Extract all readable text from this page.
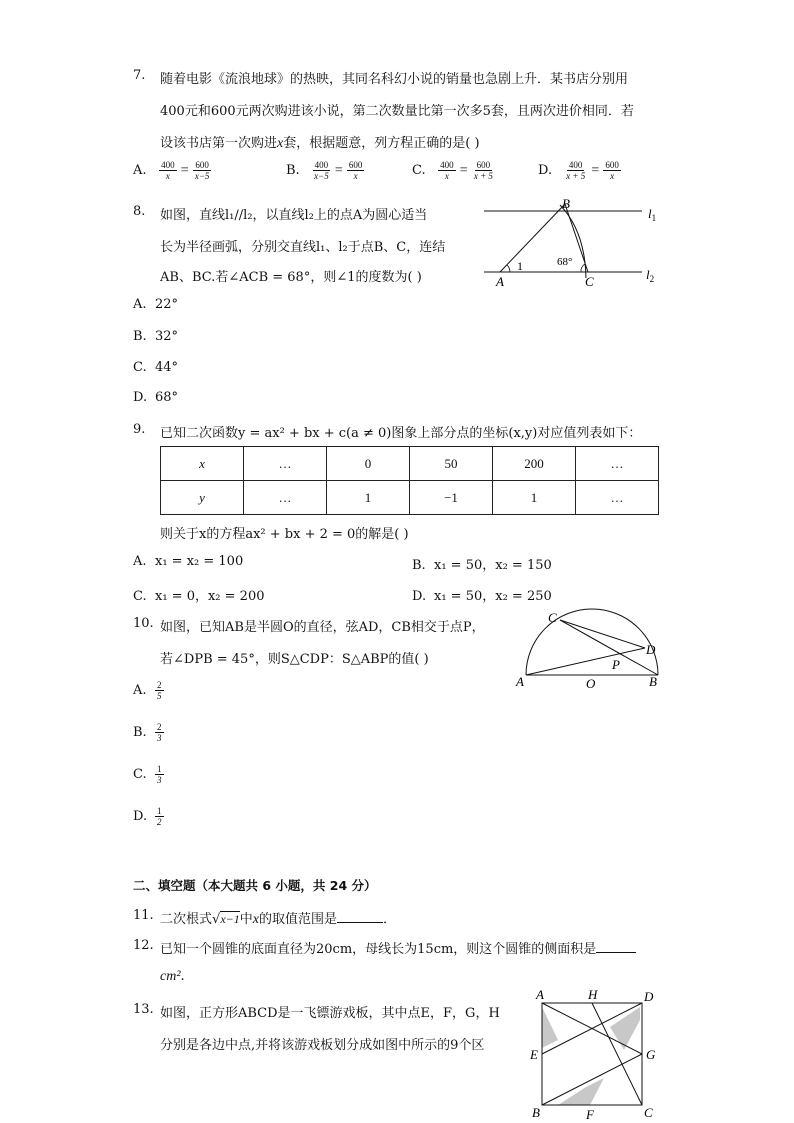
7. 随着电影《流浪地球》的热映，其同名科幻小说的销量也急剧上升．某书店分别用
400元和600元两次购进该小说，第二次数量比第一次多5套，且两次进价相同．若
设该书店第一次购进x套，根据题意，列方程正确的是( )
A. $\frac{400}{x} = \frac{600}{x-5}$	B. $\frac{400}{x-5} = \frac{600}{x}$	C. $\frac{400}{x} = \frac{600}{x + 5}$	D. $\frac{400}{x + 5} = \frac{600}{x}$
8. 如图，直线l₁//l₂，以直线l₂上的点A为圆心适当
长为半径画弧，分别交直线l₁、l₂于点B、C，连结
AB、BC.若∠ACB = 68°，则∠1的度数为( )
B
A	C
1	68°
$l_1$
$l_2$
A. 22°
B. 32°
C. 44°
D. 68°
9. 已知二次函数y = ax² + bx + c(a ≠ 0)图象上部分点的坐标(x,y)对应值列表如下：
x	…	0	50	200	…
y	…	1	−1	1	…
则关于x的方程ax² + bx + 2 = 0的解是( )
A. x₁ = x₂ = 100	B. x₁ = 50，x₂ = 150
C. x₁ = 0，x₂ = 200	D. x₁ = 50，x₂ = 250
10. 如图，已知AB是半圆O的直径，弦AD，CB相交于点P，
若∠DPB = 45°，则S△CDP：S△ABP的值( )
C
D
P
A	O	B
A. $\frac{2}{5}$
B. $\frac{2}{3}$
C. $\frac{1}{3}$
D. $\frac{1}{2}$
二、填空题（本大题共 6 小题，共 24 分）
11. 二次根式√x−1中x的取值范围是	．
12. 已知一个圆锥的底面直径为20cm，母线长为15cm，则这个圆锥的侧面积是
cm².
13. 如图，正方形ABCD是一飞镖游戏板，其中点E，F，G，H
分别是各边中点,并将该游戏板划分成如图中所示的9个区
A	H	D
E	G
B	F	C
